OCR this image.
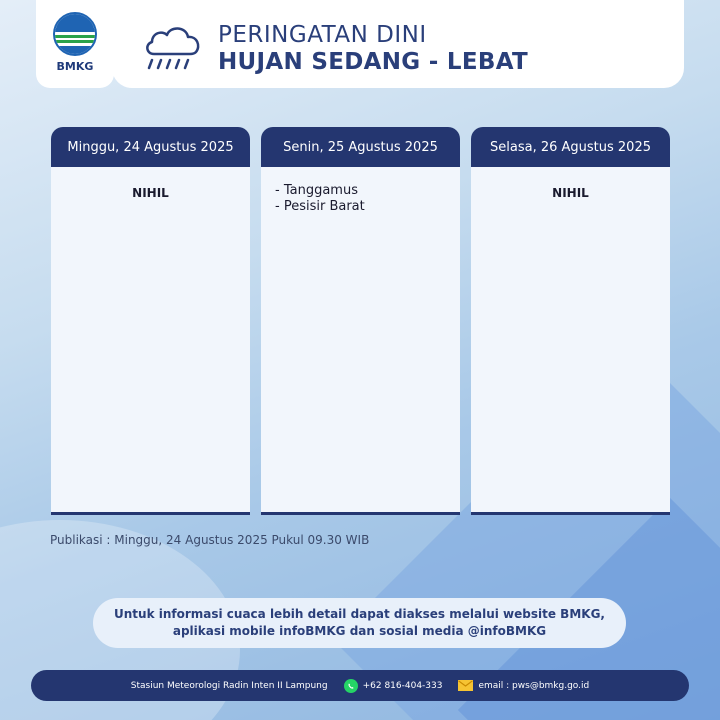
BMKG
PERINGATAN DINI
HUJAN SEDANG - LEBAT
Minggu, 24 Agustus 2025
NIHIL
Senin, 25 Agustus 2025
- Tanggamus
- Pesisir Barat
Selasa, 26 Agustus 2025
NIHIL
Publikasi : Minggu, 24 Agustus 2025 Pukul 09.30 WIB
Untuk informasi cuaca lebih detail dapat diakses melalui website BMKG,
aplikasi mobile infoBMKG dan sosial media @infoBMKG
Stasiun Meteorologi Radin Inten II Lampung	+62 816-404-333	email : pws@bmkg.go.id
